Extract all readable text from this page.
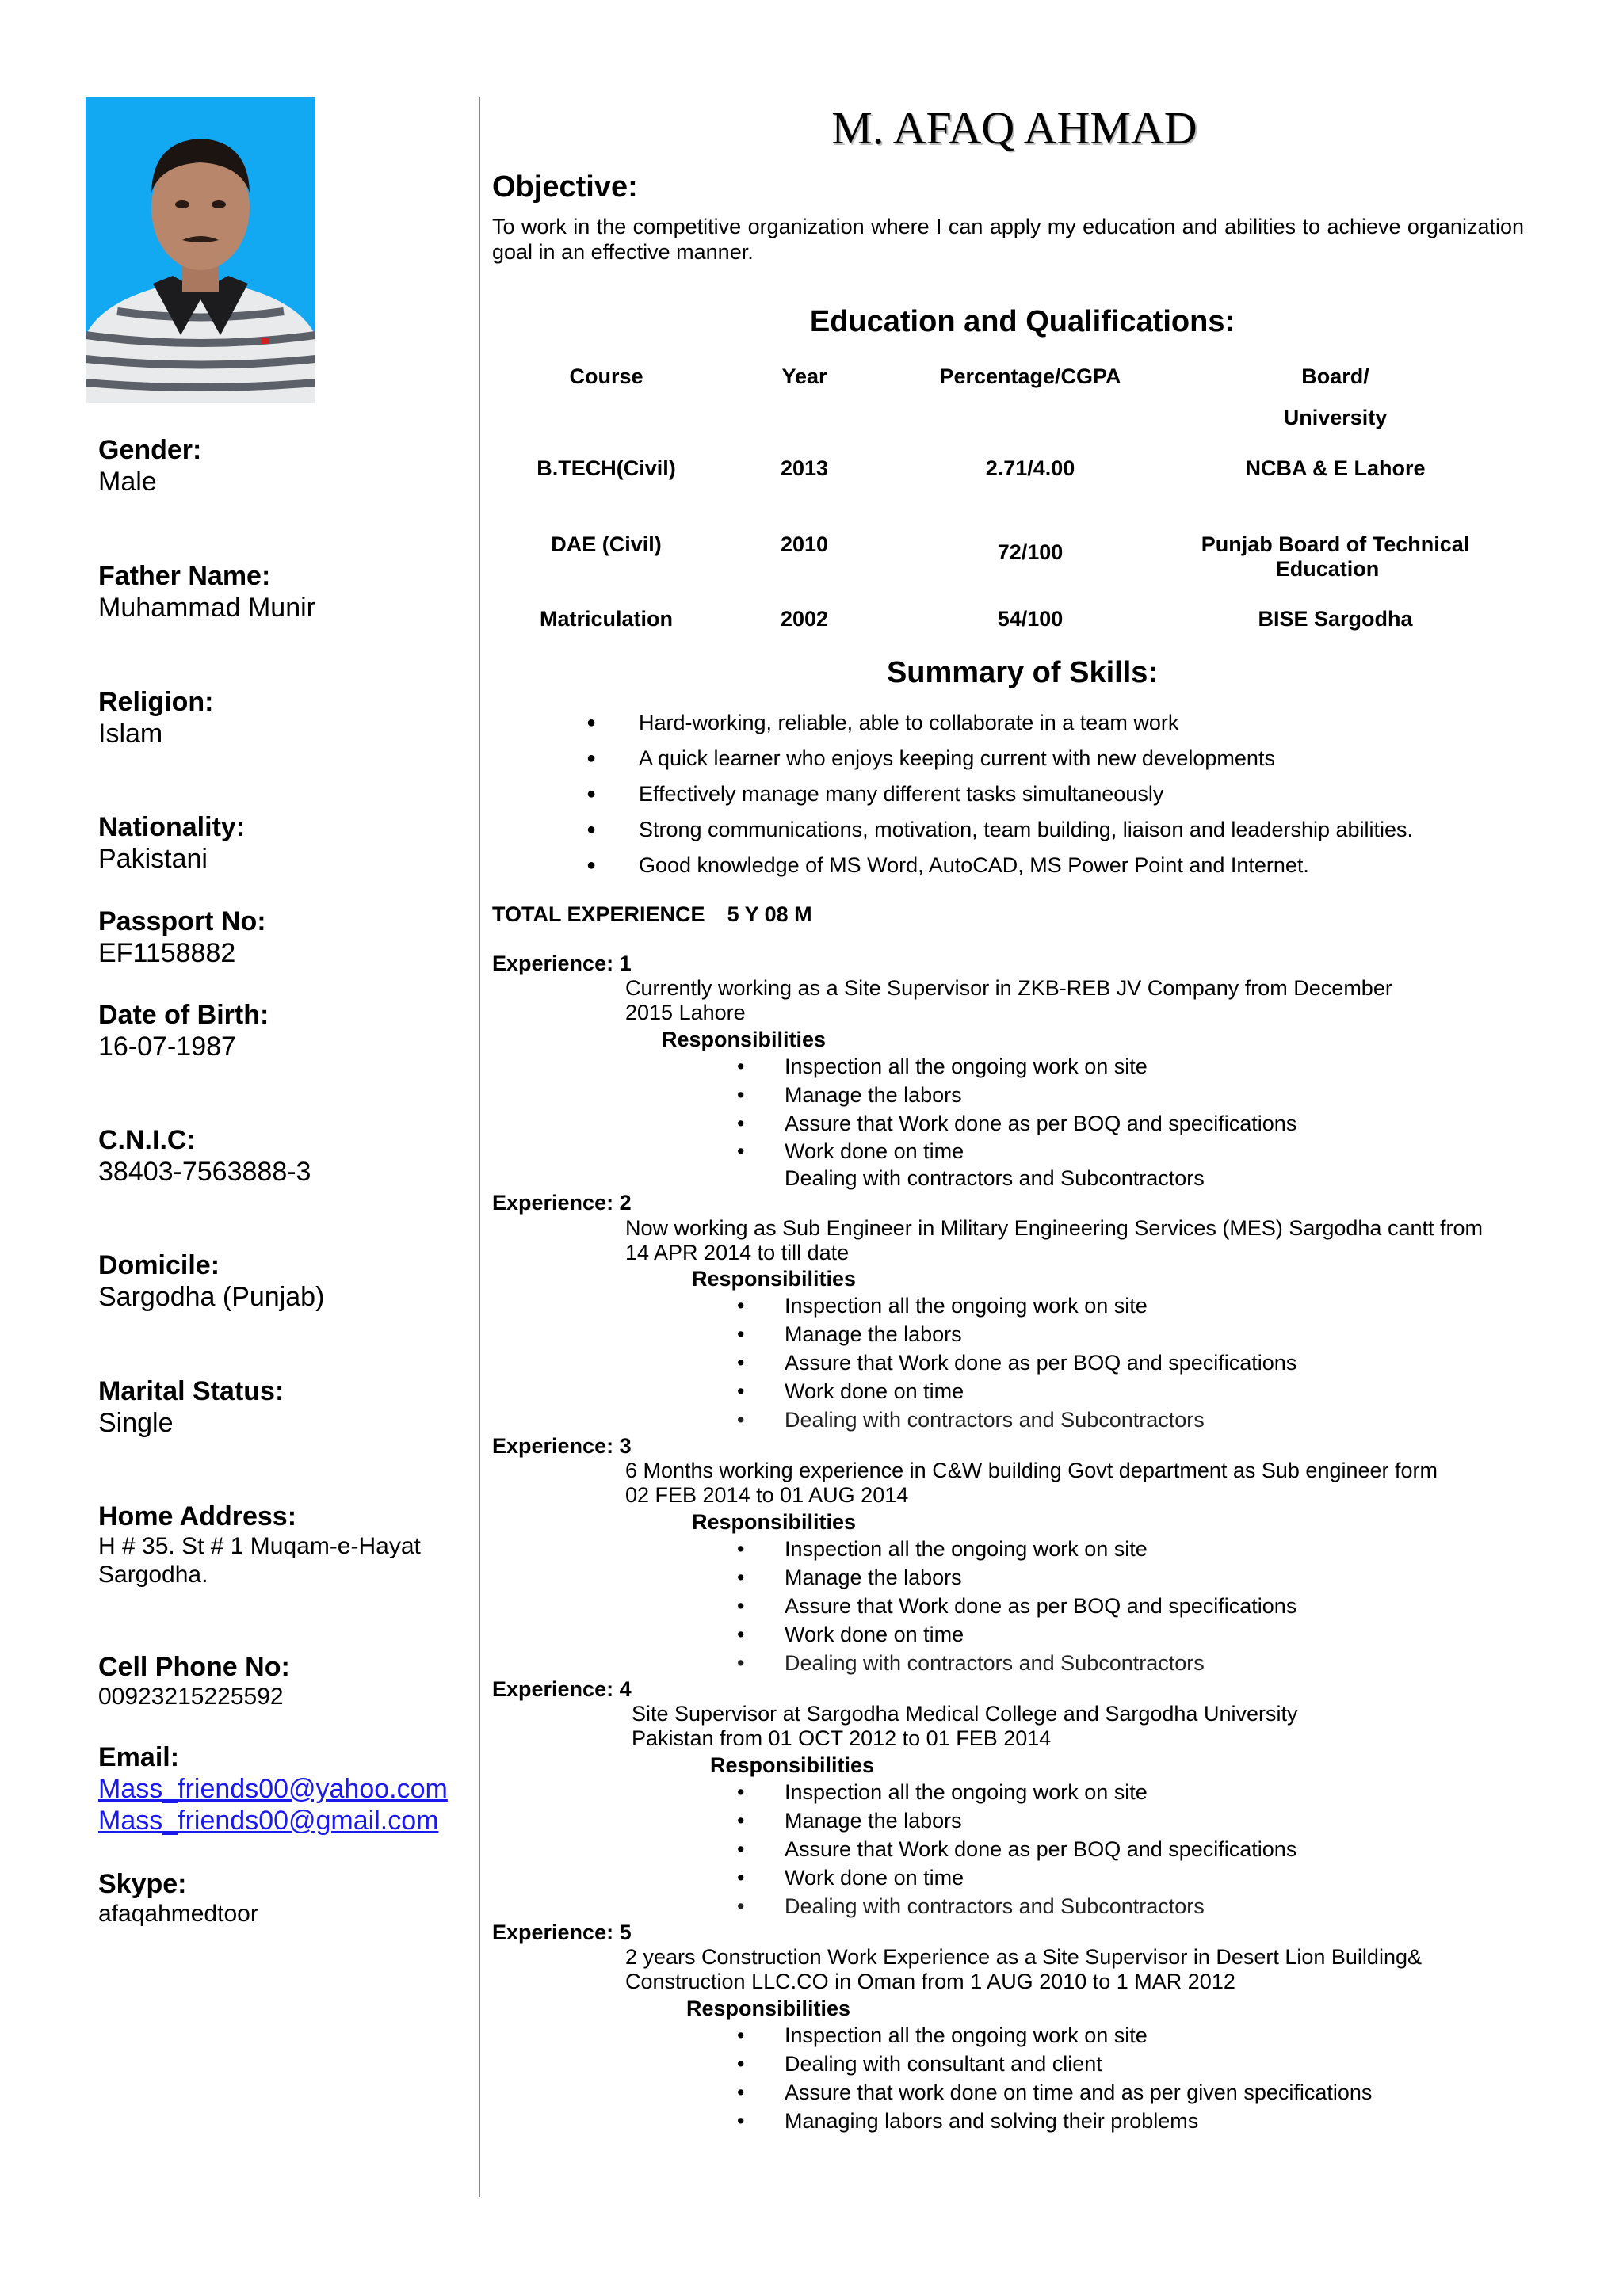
Gender:
Male
Father Name:
Muhammad Munir
Religion:
Islam
Nationality:
Pakistani
Passport No:
EF1158882
Date of Birth:
16-07-1987
C.N.I.C:
38403-7563888-3
Domicile:
Sargodha (Punjab)
Marital Status:
Single
Home Address:
H # 35. St # 1 Muqam-e-Hayat
Sargodha.
Cell Phone No:
00923215225592
Email:
Mass_friends00@yahoo.com
Mass_friends00@gmail.com
Skype:
afaqahmedtoor
M. AFAQ AHMAD
Objective:
To work in the competitive organization where I can apply my education and abilities to achieve organization goal in an effective manner.
Education and Qualifications:
Course	Year	Percentage/CGPA	Board/
University
B.TECH(Civil)	2013	2.71/4.00	NCBA & E Lahore
DAE (Civil)	2010	72/100	Punjab Board of Technical
Education
Matriculation	2002	54/100	BISE Sargodha
Summary of Skills:
● Hard-working, reliable, able to collaborate in a team work
● A quick learner who enjoys keeping current with new developments
● Effectively manage many different tasks simultaneously
● Strong communications, motivation, team building, liaison and leadership abilities.
● Good knowledge of MS Word, AutoCAD, MS Power Point and Internet.
TOTAL EXPERIENCE 5 Y 08 M
Experience: 1
Currently working as a Site Supervisor in ZKB-REB JV Company from December
2015 Lahore
Responsibilities
• Inspection all the ongoing work on site
• Manage the labors
• Assure that Work done as per BOQ and specifications
• Work done on time
Dealing with contractors and Subcontractors
Experience: 2
Now working as Sub Engineer in Military Engineering Services (MES) Sargodha cantt from
14 APR 2014 to till date
Responsibilities
• Inspection all the ongoing work on site
• Manage the labors
• Assure that Work done as per BOQ and specifications
• Work done on time
• Dealing with contractors and Subcontractors
Experience: 3
6 Months working experience in C&W building Govt department as Sub engineer form
02 FEB 2014 to 01 AUG 2014
Responsibilities
• Inspection all the ongoing work on site
• Manage the labors
• Assure that Work done as per BOQ and specifications
• Work done on time
• Dealing with contractors and Subcontractors
Experience: 4
Site Supervisor at Sargodha Medical College and Sargodha University
Pakistan from 01 OCT 2012 to 01 FEB 2014
Responsibilities
• Inspection all the ongoing work on site
• Manage the labors
• Assure that Work done as per BOQ and specifications
• Work done on time
• Dealing with contractors and Subcontractors
Experience: 5
2 years Construction Work Experience as a Site Supervisor in Desert Lion Building&
Construction LLC.CO in Oman from 1 AUG 2010 to 1 MAR 2012
Responsibilities
• Inspection all the ongoing work on site
• Dealing with consultant and client
• Assure that work done on time and as per given specifications
• Managing labors and solving their problems
